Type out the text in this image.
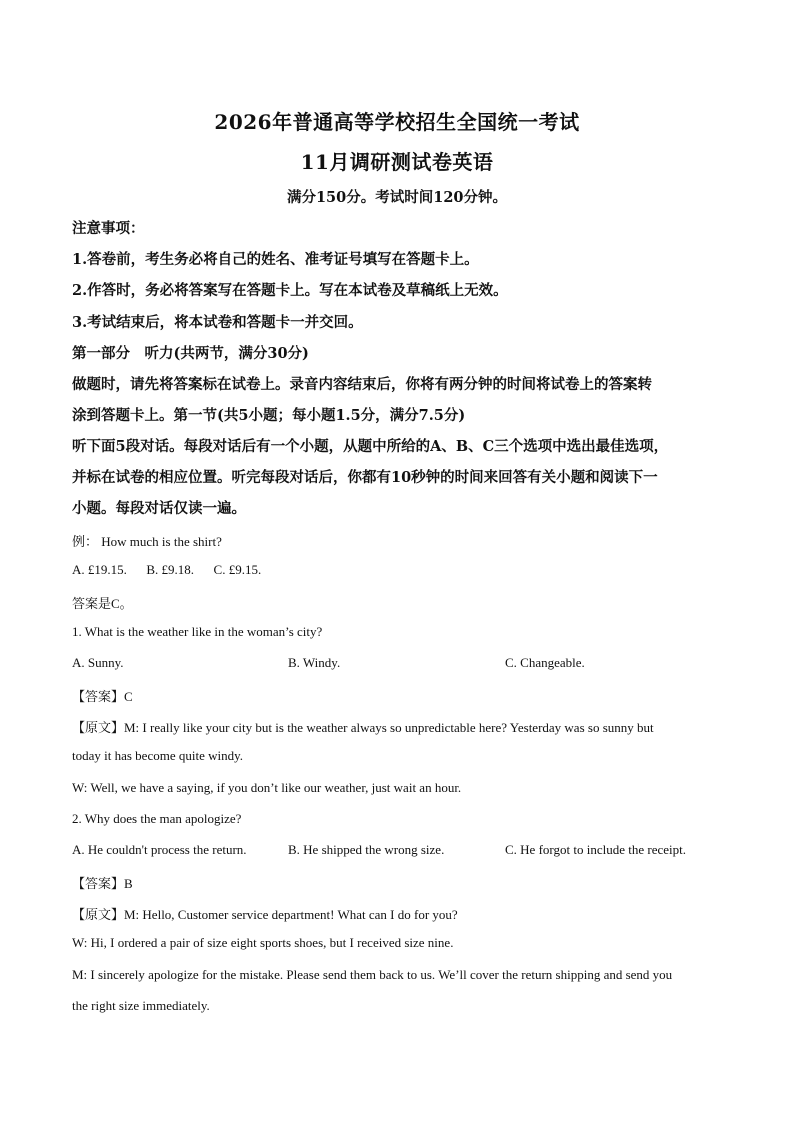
2026年普通高等学校招生全国统一考试
11月调研测试卷英语
满分150分。考试时间120分钟。
注意事项：
1.答卷前，考生务必将自己的姓名、准考证号填写在答题卡上。
2.作答时，务必将答案写在答题卡上。写在本试卷及草稿纸上无效。
3.考试结束后，将本试卷和答题卡一并交回。
第一部分　听力(共两节，满分30分)
做题时，请先将答案标在试卷上。录音内容结束后，你将有两分钟的时间将试卷上的答案转
涂到答题卡上。第一节(共5小题；每小题1.5分，满分7.5分)
听下面5段对话。每段对话后有一个小题，从题中所给的A、B、C三个选项中选出最佳选项，
并标在试卷的相应位置。听完每段对话后，你都有10秒钟的时间来回答有关小题和阅读下一
小题。每段对话仅读一遍。
例： How much is the shirt?
A. £19.15.      B. £9.18.      C. £9.15.
答案是C。
1. What is the weather like in the woman’s city?
A. Sunny.	B. Windy.	C. Changeable.
【答案】C
【原文】M: I really like your city but is the weather always so unpredictable here? Yesterday was so sunny but
today it has become quite windy.
W: Well, we have a saying, if you don’t like our weather, just wait an hour.
2. Why does the man apologize?
A. He couldn't process the return.	B. He shipped the wrong size.	C. He forgot to include the receipt.
【答案】B
【原文】M: Hello, Customer service department! What can I do for you?
W: Hi, I ordered a pair of size eight sports shoes, but I received size nine.
M: I sincerely apologize for the mistake. Please send them back to us. We’ll cover the return shipping and send you
the right size immediately.
